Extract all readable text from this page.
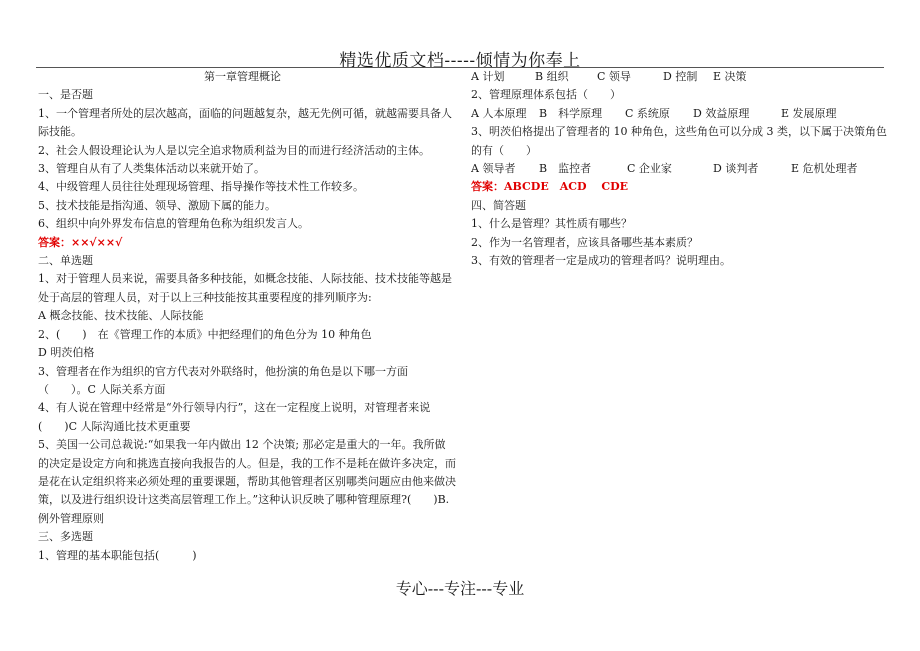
精选优质文档-----倾情为你奉上
第一章管理概论
一、是否题
1、一个管理者所处的层次越高，面临的问题越复杂，越无先例可循，就越需要具备人际技能。
2、社会人假设理论认为人是以完全追求物质利益为目的而进行经济活动的主体。
3、管理自从有了人类集体活动以来就开始了。
4、中级管理人员往往处理现场管理、指导操作等技术性工作较多。
5、技术技能是指沟通、领导、激励下属的能力。
6、组织中向外界发布信息的管理角色称为组织发言人。
答案：××√××√
二、单选题
1、对于管理人员来说，需要具备多种技能，如概念技能、人际技能、技术技能等越是处于高层的管理人员，对于以上三种技能按其重要程度的排列顺序为:
A 概念技能、技术技能、人际技能
2、(　　)　在《管理工作的本质》中把经理们的角色分为 10 种角色
D 明茨伯格
3、管理者在作为组织的官方代表对外联络时，他扮演的角色是以下哪一方面
（　　）。C 人际关系方面
4、有人说在管理中经常是“外行领导内行”，这在一定程度上说明，对管理者来说
(　　)C 人际沟通比技术更重要
5、美国一公司总裁说:“如果我一年内做出 12 个决策; 那必定是重大的一年。我所做的决定是设定方向和挑选直接向我报告的人。但是，我的工作不是耗在做许多决定，而是花在认定组织将来必须处理的重要课题，帮助其他管理者区别哪类问题应由他来做决策，以及进行组织设计这类高层管理工作上。”这种认识反映了哪种管理原理?(　　)B.例外管理原则
三、多选题
1、管理的基本职能包括(　　　)
A 计划	B 组织	C 领导	D 控制 E 决策
2、管理原理体系包括（　　）
A 人本原理 B　科学原理 C 系统原 D 效益原理	E 发展原理
3、明茨伯格提出了管理者的 10 种角色，这些角色可以分成 3 类，以下属于决策角色的有（　　）
A 领导者 B　监控者	C 企业家	D 谈判者	E 危机处理者
答案：ABCDE　ACD　 CDE
四、简答题
1、什么是管理？其性质有哪些？
2、作为一名管理者，应该具备哪些基本素质？
3、有效的管理者一定是成功的管理者吗？说明理由。
专心---专注---专业
